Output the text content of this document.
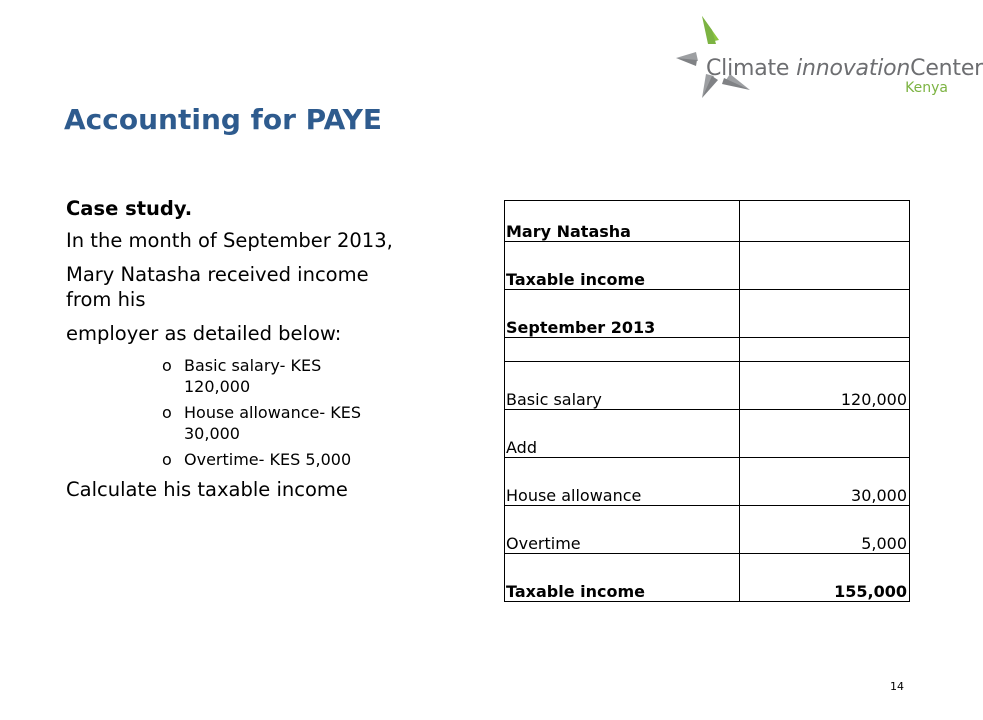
Climate innovationCenter
Kenya
Accounting for PAYE
Case study.
In the month of September 2013,
Mary Natasha received income from his
employer as detailed below:
o Basic salary- KES 120,000
o House allowance- KES 30,000
o Overtime- KES 5,000
Calculate his taxable income
Mary Natasha	
Taxable income	
September 2013	

Basic salary	120,000
Add	
House allowance	30,000
Overtime	5,000
Taxable income	155,000
14
